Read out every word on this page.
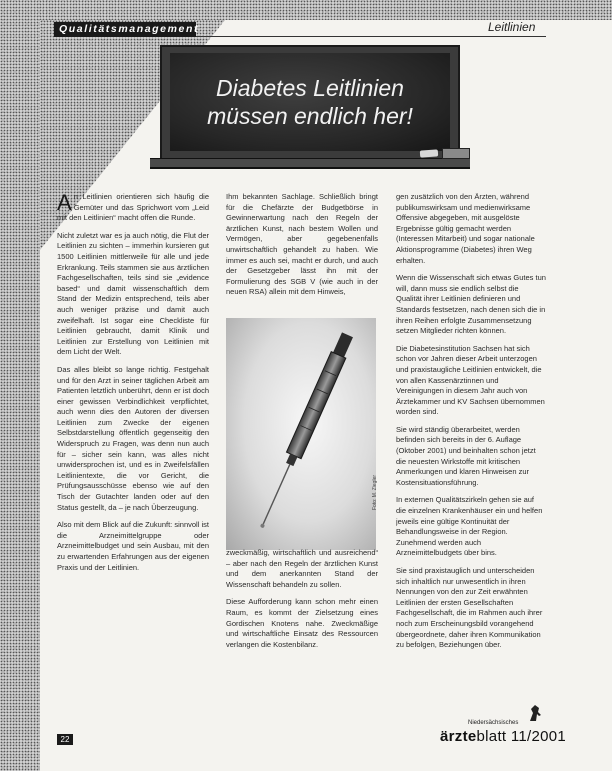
Qualitätsmanagement	Leitlinien
Diabetes Leitlinien
müssen endlich her!

An Leitlinien orientieren sich häufig die Gemüter und das Sprichwort vom „Leid mit den Leitlinien“ macht offen die Runde.

Nicht zuletzt war es ja auch nötig, die Flut der Leitlinien zu sichten – immerhin kursieren gut 1500 Leitlinien mittlerweile für alle und jede Erkrankung. Teils stammen sie aus ärztlichen Fachgesellschaften, teils sind sie „evidence based“ und damit wissenschaftlich dem Stand der Medizin entsprechend, teils aber auch weniger präzise und damit auch zweifelhaft. Ist sogar eine Checkliste für Leitlinien gebraucht, damit Klinik und Leitlinien zur Erstellung von Leitlinien mit dem Licht der Welt.

Das alles bleibt so lange richtig. Festgehalt und für den Arzt in seiner täglichen Arbeit am Patienten letztlich unberührt, denn er ist doch einer gewissen Verbindlichkeit verpflichtet, auch wenn dies den Autoren der diversen Leitlinien zum Zwecke der eigenen Selbstdarstellung öffentlich gegenseitig den Widerspruch zu Fragen, was denn nun auch für – sicher sein kann, was alles nicht unwidersprochen ist, und es in Zweifelsfällen Leitlinientexte, die vor Gericht, die Prüfungsausschüsse ebenso wie auf den Tisch der Gutachter landen oder auf den Status gestellt, da – je nach Überzeugung.

Also mit dem Blick auf die Zukunft: sinnvoll ist die Arzneimittelgruppe oder Arzneimittelbudget und sein Ausbau, mit den zu erwartenden Erfahrungen aus der eigenen Praxis und der Leitlinien.

Ihm bekannten Sachlage. Schließlich bringt für die Chefärzte der Budgetbörse in Gewinnerwartung nach den Regeln der ärztlichen Kunst, nach bestem Wollen und Vermögen, aber gegebenenfalls unwirtschaftlich gehandelt zu haben. Wie immer es auch sei, macht er durch, und auch der Gesetzgeber lässt ihn mit der Formulierung des SGB V (wie auch in der neuen RSA) allein mit dem Hinweis,

Foto: M. Ziegler

zweckmäßig, wirtschaftlich und ausreichend“ – aber nach den Regeln der ärztlichen Kunst und dem anerkannten Stand der Wissenschaft behandeln zu sollen.

Diese Aufforderung kann schon mehr einen Raum, es kommt der Zielsetzung eines Gordischen Knotens nahe. Zweckmäßige und wirtschaftliche Einsatz des Ressourcen verlangen die Kostenbilanz.

gen zusätzlich von den Ärzten, während publikumswirksam und medienwirksame Offensive abgegeben, mit ausgelöste Ergebnisse gültig gemacht werden (Interessen Mitarbeit) und sogar nationale Aktionsprogramme (Diabetes) ihren Weg erhalten.

Wenn die Wissenschaft sich etwas Gutes tun will, dann muss sie endlich selbst die Qualität ihrer Leitlinien definieren und Standards festsetzen, nach denen sich die in ihren Reihen erfolgte Zusammensetzung setzen Mitglieder richten können.

Die Diabetesinstitution Sachsen hat sich schon vor Jahren dieser Arbeit unterzogen und praxistaugliche Leitlinien entwickelt, die von allen Kassenärztinnen und Vereinigungen in diesem Jahr auch von Ärztekammer und KV Sachsen übernommen worden sind.

Sie wird ständig überarbeitet, werden befinden sich bereits in der 6. Auflage (Oktober 2001) und beinhalten schon jetzt die neuesten Wirkstoffe mit kritischen Anmerkungen und klaren Hinweisen zur Kostensituationsführung.

In externen Qualitätszirkeln gehen sie auf die einzelnen Krankenhäuser ein und helfen jeweils eine gültige Kontinuität der Behandlungsweise in der Region. Zunehmend werden auch Arzneimittelbudgets über bins.

Sie sind praxistauglich und unterscheiden sich inhaltlich nur unwesentlich in ihren Nennungen von den zur Zeit erwähnten Leitlinien der ersten Gesellschaften Fachgesellschaft, die im Rahmen auch ihrer noch zum Erscheinungsbild vorangehend übergeordnete, daher ihren Kommunikation zu befolgen, Beziehungen über.

22
Niedersächsisches
ärzteblatt 11/2001
